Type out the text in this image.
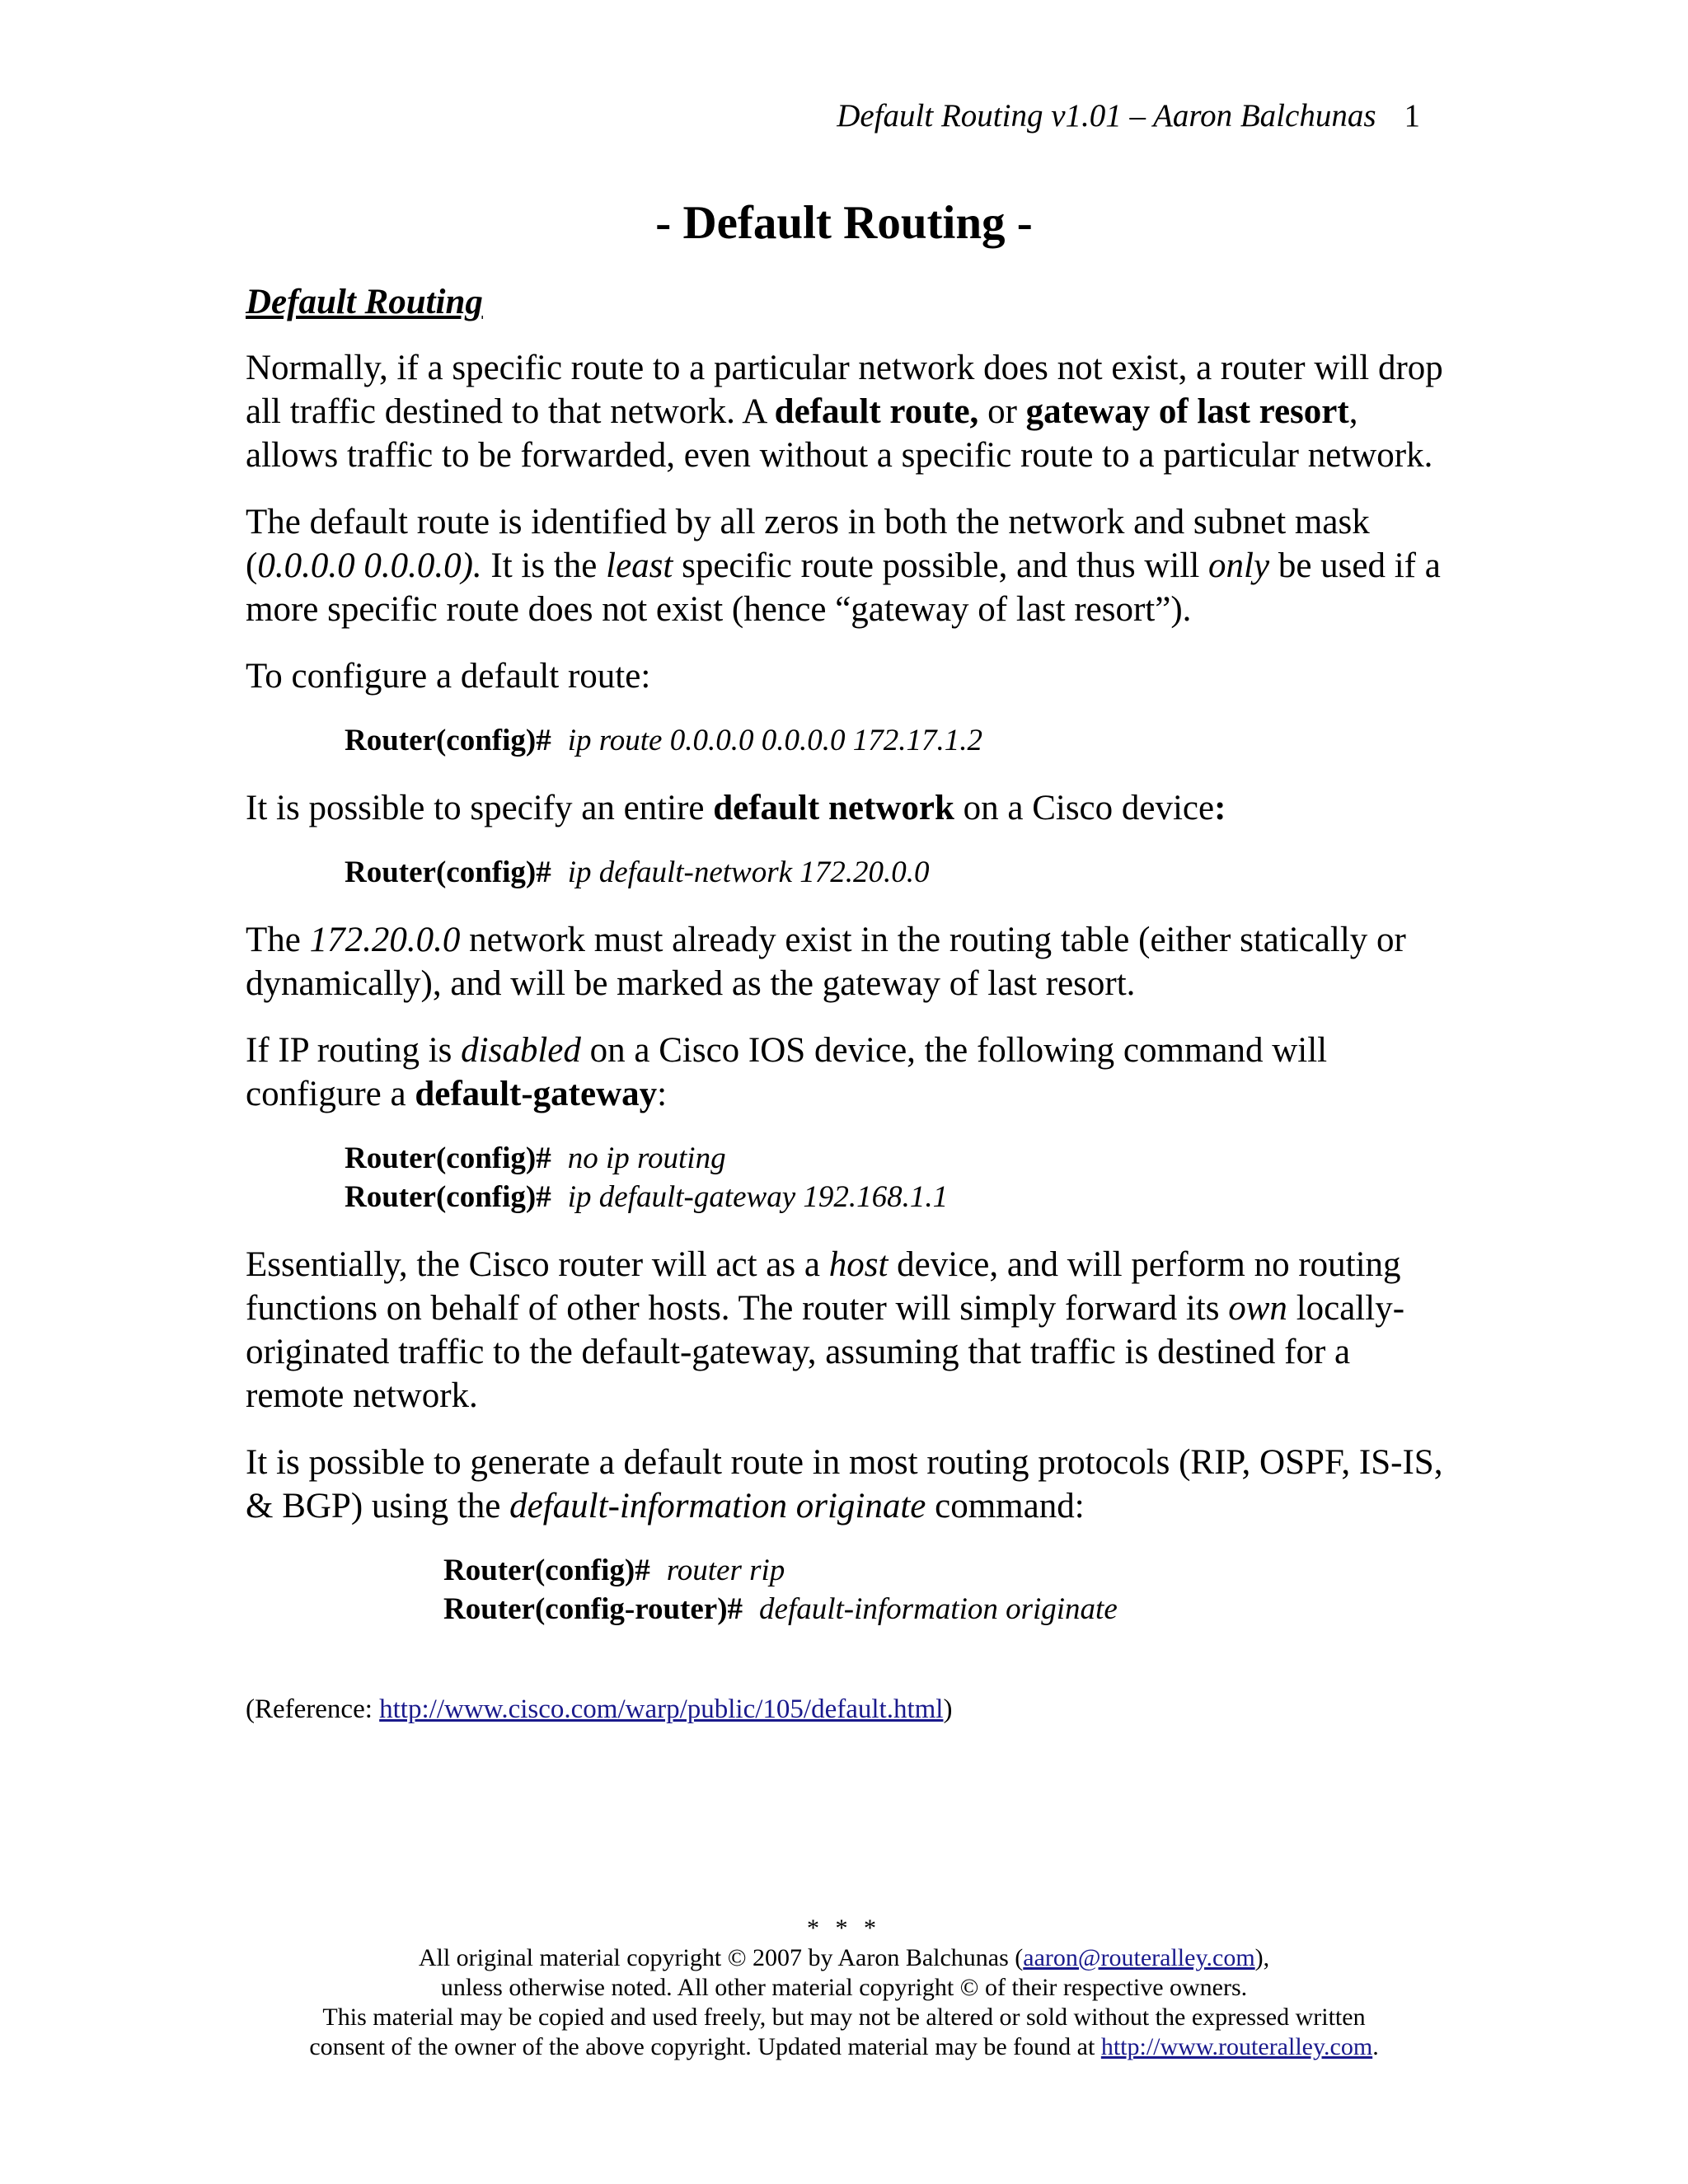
Default Routing v1.01 – Aaron Balchunas 1
- Default Routing -
Default Routing

Normally, if a specific route to a particular network does not exist, a router will drop all traffic destined to that network. A default route, or gateway of last resort, allows traffic to be forwarded, even without a specific route to a particular network.

The default route is identified by all zeros in both the network and subnet mask (0.0.0.0 0.0.0.0). It is the least specific route possible, and thus will only be used if a more specific route does not exist (hence “gateway of last resort”).

To configure a default route:

Router(config)# ip route 0.0.0.0 0.0.0.0 172.17.1.2

It is possible to specify an entire default network on a Cisco device:

Router(config)# ip default-network 172.20.0.0

The 172.20.0.0 network must already exist in the routing table (either statically or dynamically), and will be marked as the gateway of last resort.

If IP routing is disabled on a Cisco IOS device, the following command will configure a default-gateway:

Router(config)# no ip routing
Router(config)# ip default-gateway 192.168.1.1

Essentially, the Cisco router will act as a host device, and will perform no routing functions on behalf of other hosts. The router will simply forward its own locally-originated traffic to the default-gateway, assuming that traffic is destined for a remote network.

It is possible to generate a default route in most routing protocols (RIP, OSPF, IS-IS, & BGP) using the default-information originate command:

Router(config)# router rip
Router(config-router)# default-information originate
(Reference: http://www.cisco.com/warp/public/105/default.html)
* * *
All original material copyright © 2007 by Aaron Balchunas (aaron@routeralley.com),
unless otherwise noted. All other material copyright © of their respective owners.
This material may be copied and used freely, but may not be altered or sold without the expressed written
consent of the owner of the above copyright. Updated material may be found at http://www.routeralley.com.
